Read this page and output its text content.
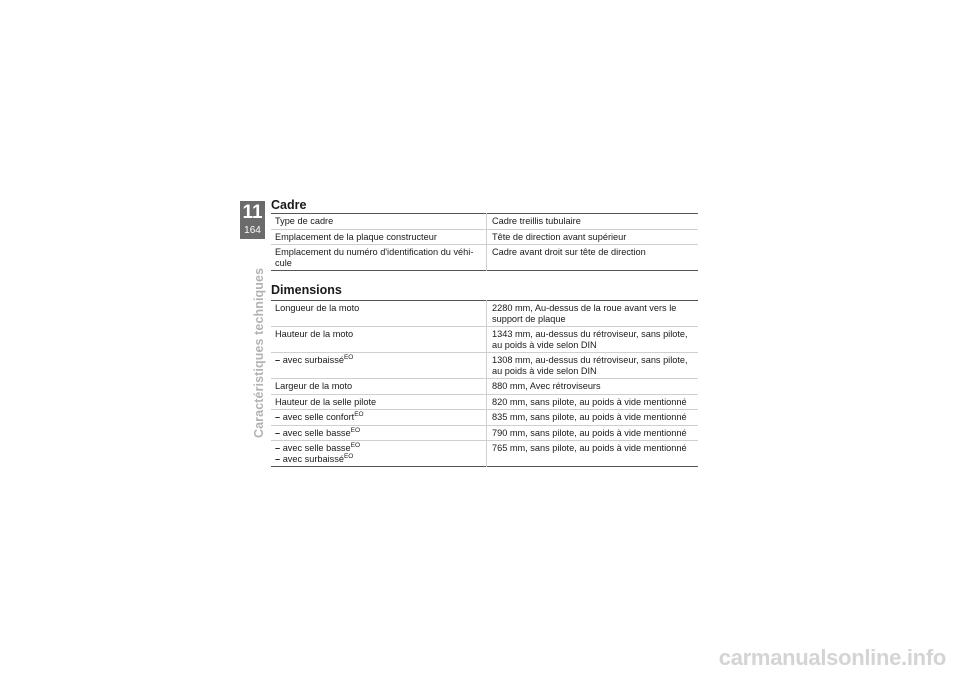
11
164
Caractéristiques techniques
Cadre
Type de cadre	Cadre treillis tubulaire
Emplacement de la plaque constructeur	Tête de direction avant supérieur
Emplacement du numéro d'identification du véhi-cule	Cadre avant droit sur tête de direction
Dimensions
Longueur de la moto	2280 mm, Au-dessus de la roue avant vers le support de plaque
Hauteur de la moto	1343 mm, au-dessus du rétroviseur, sans pilote, au poids à vide selon DIN
– avec surbaissé$^{EO}$	1308 mm, au-dessus du rétroviseur, sans pilote, au poids à vide selon DIN
Largeur de la moto	880 mm, Avec rétroviseurs
Hauteur de la selle pilote	820 mm, sans pilote, au poids à vide mentionné
– avec selle confort$^{EO}$	835 mm, sans pilote, au poids à vide mentionné
– avec selle basse$^{EO}$	790 mm, sans pilote, au poids à vide mentionné
– avec selle basse$^{EO}$
– avec surbaissé$^{EO}$	765 mm, sans pilote, au poids à vide mentionné
carmanualsonline.info
